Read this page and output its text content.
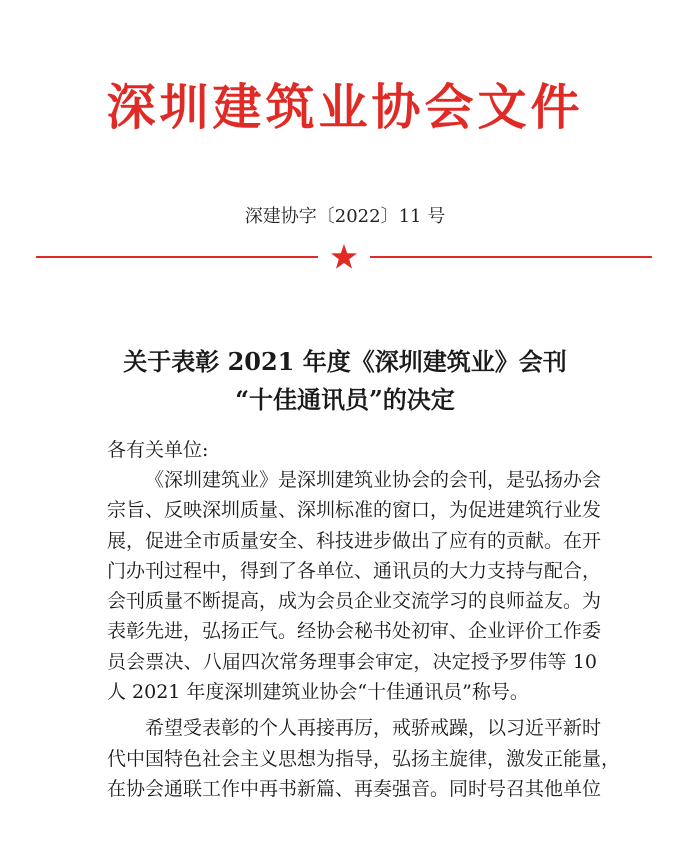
深圳建筑业协会文件
深建协字〔2022〕11 号
关于表彰 2021 年度《深圳建筑业》会刊
“十佳通讯员”的决定
各有关单位:
《深圳建筑业》是深圳建筑业协会的会刊，是弘扬办会
宗旨、反映深圳质量、深圳标准的窗口，为促进建筑行业发
展，促进全市质量安全、科技进步做出了应有的贡献。在开
门办刊过程中，得到了各单位、通讯员的大力支持与配合，
会刊质量不断提高，成为会员企业交流学习的良师益友。为
表彰先进，弘扬正气。经协会秘书处初审、企业评价工作委
员会票决、八届四次常务理事会审定，决定授予罗伟等 10
人 2021 年度深圳建筑业协会“十佳通讯员”称号。
希望受表彰的个人再接再厉，戒骄戒躁，以习近平新时
代中国特色社会主义思想为指导，弘扬主旋律，激发正能量，
在协会通联工作中再书新篇、再奏强音。同时号召其他单位
